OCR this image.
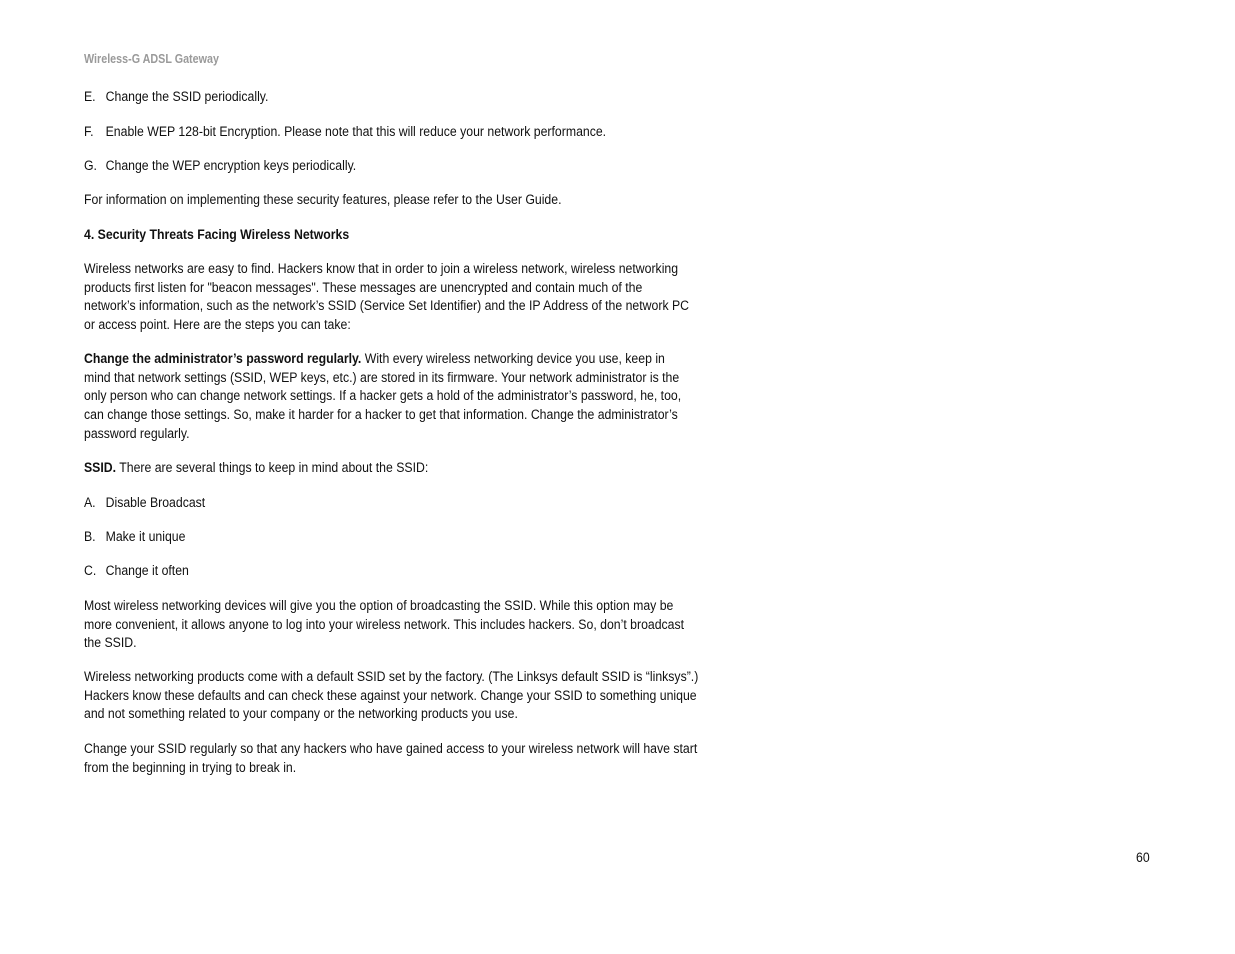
Wireless-G ADSL Gateway
E. Change the SSID periodically.
F. Enable WEP 128-bit Encryption. Please note that this will reduce your network performance.
G. Change the WEP encryption keys periodically.

For information on implementing these security features, please refer to the User Guide.

4. Security Threats Facing Wireless Networks

Wireless networks are easy to find. Hackers know that in order to join a wireless network, wireless networking
products first listen for "beacon messages". These messages are unencrypted and contain much of the
network’s information, such as the network’s SSID (Service Set Identifier) and the IP Address of the network PC
or access point. Here are the steps you can take:
Change the administrator’s password regularly. With every wireless networking device you use, keep in
mind that network settings (SSID, WEP keys, etc.) are stored in its firmware. Your network administrator is the
only person who can change network settings. If a hacker gets a hold of the administrator’s password, he, too,
can change those settings. So, make it harder for a hacker to get that information. Change the administrator’s
password regularly.

SSID. There are several things to keep in mind about the SSID:

A. Disable Broadcast
B. Make it unique
C. Change it often
Most wireless networking devices will give you the option of broadcasting the SSID. While this option may be
more convenient, it allows anyone to log into your wireless network. This includes hackers. So, don’t broadcast
the SSID.
Wireless networking products come with a default SSID set by the factory. (The Linksys default SSID is “linksys”.)
Hackers know these defaults and can check these against your network. Change your SSID to something unique
and not something related to your company or the networking products you use.
Change your SSID regularly so that any hackers who have gained access to your wireless network will have start
from the beginning in trying to break in.
60
